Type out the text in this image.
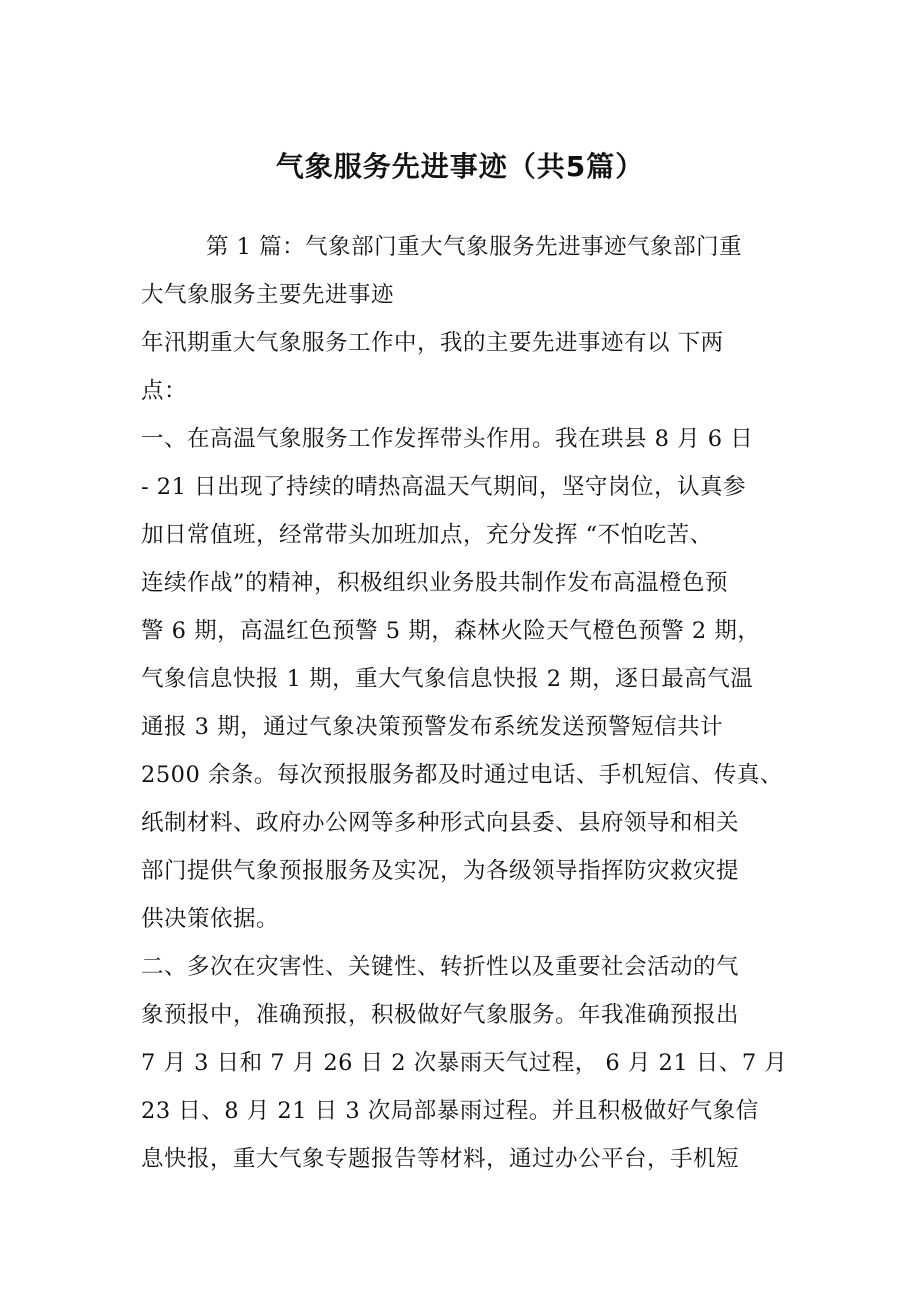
气象服务先进事迹（共5篇）
第 1 篇：气象部门重大气象服务先进事迹气象部门重
大气象服务主要先进事迹
年汛期重大气象服务工作中，我的主要先进事迹有以 下两
点：
一、在高温气象服务工作发挥带头作用。我在珙县 8 月 6 日
- 21 日出现了持续的晴热高温天气期间，坚守岗位，认真参
加日常值班，经常带头加班加点，充分发挥 “不怕吃苦、
连续作战”的精神，积极组织业务股共制作发布高温橙色预
警 6 期，高温红色预警 5 期，森林火险天气橙色预警 2 期，
气象信息快报 1 期，重大气象信息快报 2 期，逐日最高气温
通报 3 期，通过气象决策预警发布系统发送预警短信共计
2500 余条。每次预报服务都及时通过电话、手机短信、传真、
纸制材料、政府办公网等多种形式向县委、县府领导和相关
部门提供气象预报服务及实况，为各级领导指挥防灾救灾提
供决策依据。
二、多次在灾害性、关键性、转折性以及重要社会活动的气
象预报中，准确预报，积极做好气象服务。年我准确预报出
7 月 3 日和 7 月 26 日 2 次暴雨天气过程， 6 月 21 日、7 月
23 日、8 月 21 日 3 次局部暴雨过程。并且积极做好气象信
息快报，重大气象专题报告等材料，通过办公平台，手机短
